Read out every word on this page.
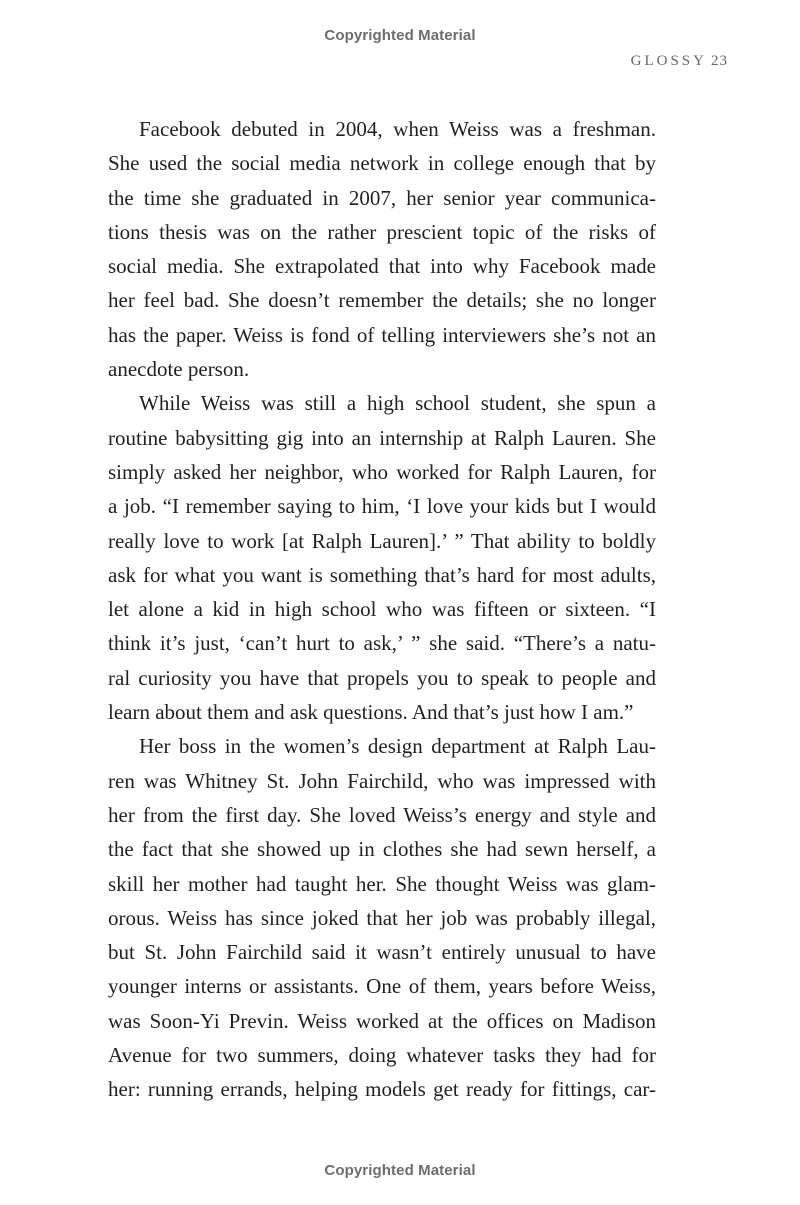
Copyrighted Material
GLOSSY 23
Facebook debuted in 2004, when Weiss was a freshman.
She used the social media network in college enough that by
the time she graduated in 2007, her senior year communica-
tions thesis was on the rather prescient topic of the risks of
social media. She extrapolated that into why Facebook made
her feel bad. She doesn’t remember the details; she no longer
has the paper. Weiss is fond of telling interviewers she’s not an
anecdote person.
While Weiss was still a high school student, she spun a
routine babysitting gig into an internship at Ralph Lauren. She
simply asked her neighbor, who worked for Ralph Lauren, for
a job. “I remember saying to him, ‘I love your kids but I would
really love to work [at Ralph Lauren].’ ” That ability to boldly
ask for what you want is something that’s hard for most adults,
let alone a kid in high school who was fifteen or sixteen. “I
think it’s just, ‘can’t hurt to ask,’ ” she said. “There’s a natu-
ral curiosity you have that propels you to speak to people and
learn about them and ask questions. And that’s just how I am.”
Her boss in the women’s design department at Ralph Lau-
ren was Whitney St. John Fairchild, who was impressed with
her from the first day. She loved Weiss’s energy and style and
the fact that she showed up in clothes she had sewn herself, a
skill her mother had taught her. She thought Weiss was glam-
orous. Weiss has since joked that her job was probably illegal,
but St. John Fairchild said it wasn’t entirely unusual to have
younger interns or assistants. One of them, years before Weiss,
was Soon-Yi Previn. Weiss worked at the offices on Madison
Avenue for two summers, doing whatever tasks they had for
her: running errands, helping models get ready for fittings, car-
Copyrighted Material
